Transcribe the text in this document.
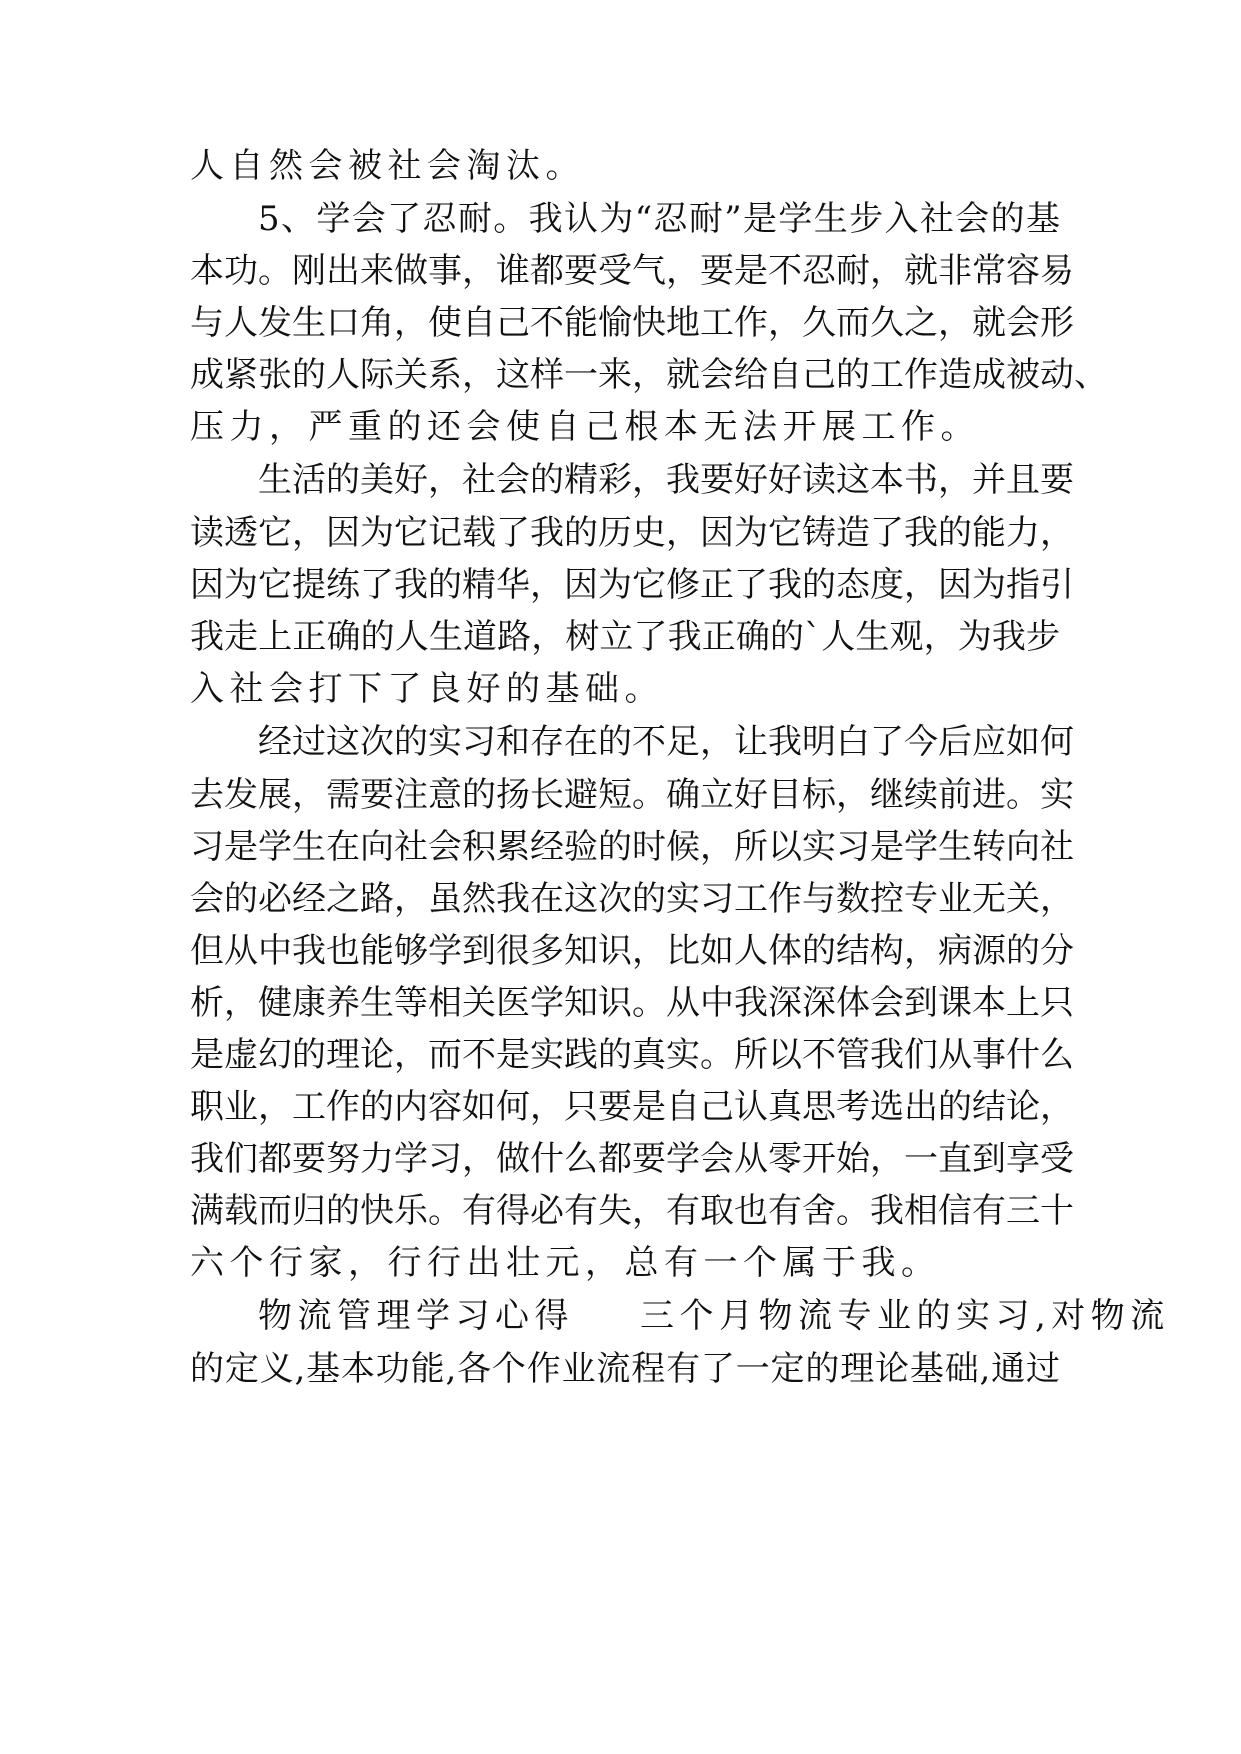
人自然会被社会淘汰。
5、学会了忍耐。我认为“忍耐”是学生步入社会的基
本功。刚出来做事，谁都要受气，要是不忍耐，就非常容易
与人发生口角，使自己不能愉快地工作，久而久之，就会形
成紧张的人际关系，这样一来，就会给自己的工作造成被动、
压力，严重的还会使自己根本无法开展工作。
生活的美好，社会的精彩，我要好好读这本书，并且要
读透它，因为它记载了我的历史，因为它铸造了我的能力，
因为它提练了我的精华，因为它修正了我的态度，因为指引
我走上正确的人生道路，树立了我正确的`人生观，为我步
入社会打下了良好的基础。
经过这次的实习和存在的不足，让我明白了今后应如何
去发展，需要注意的扬长避短。确立好目标，继续前进。实
习是学生在向社会积累经验的时候，所以实习是学生转向社
会的必经之路，虽然我在这次的实习工作与数控专业无关，
但从中我也能够学到很多知识，比如人体的结构，病源的分
析，健康养生等相关医学知识。从中我深深体会到课本上只
是虚幻的理论，而不是实践的真实。所以不管我们从事什么
职业，工作的内容如何，只要是自己认真思考选出的结论，
我们都要努力学习，做什么都要学会从零开始，一直到享受
满载而归的快乐。有得必有失，有取也有舍。我相信有三十
六个行家，行行出壮元，总有一个属于我。
物流管理学习心得 三个月物流专业的实习,对物流
的定义,基本功能,各个作业流程有了一定的理论基础,通过
